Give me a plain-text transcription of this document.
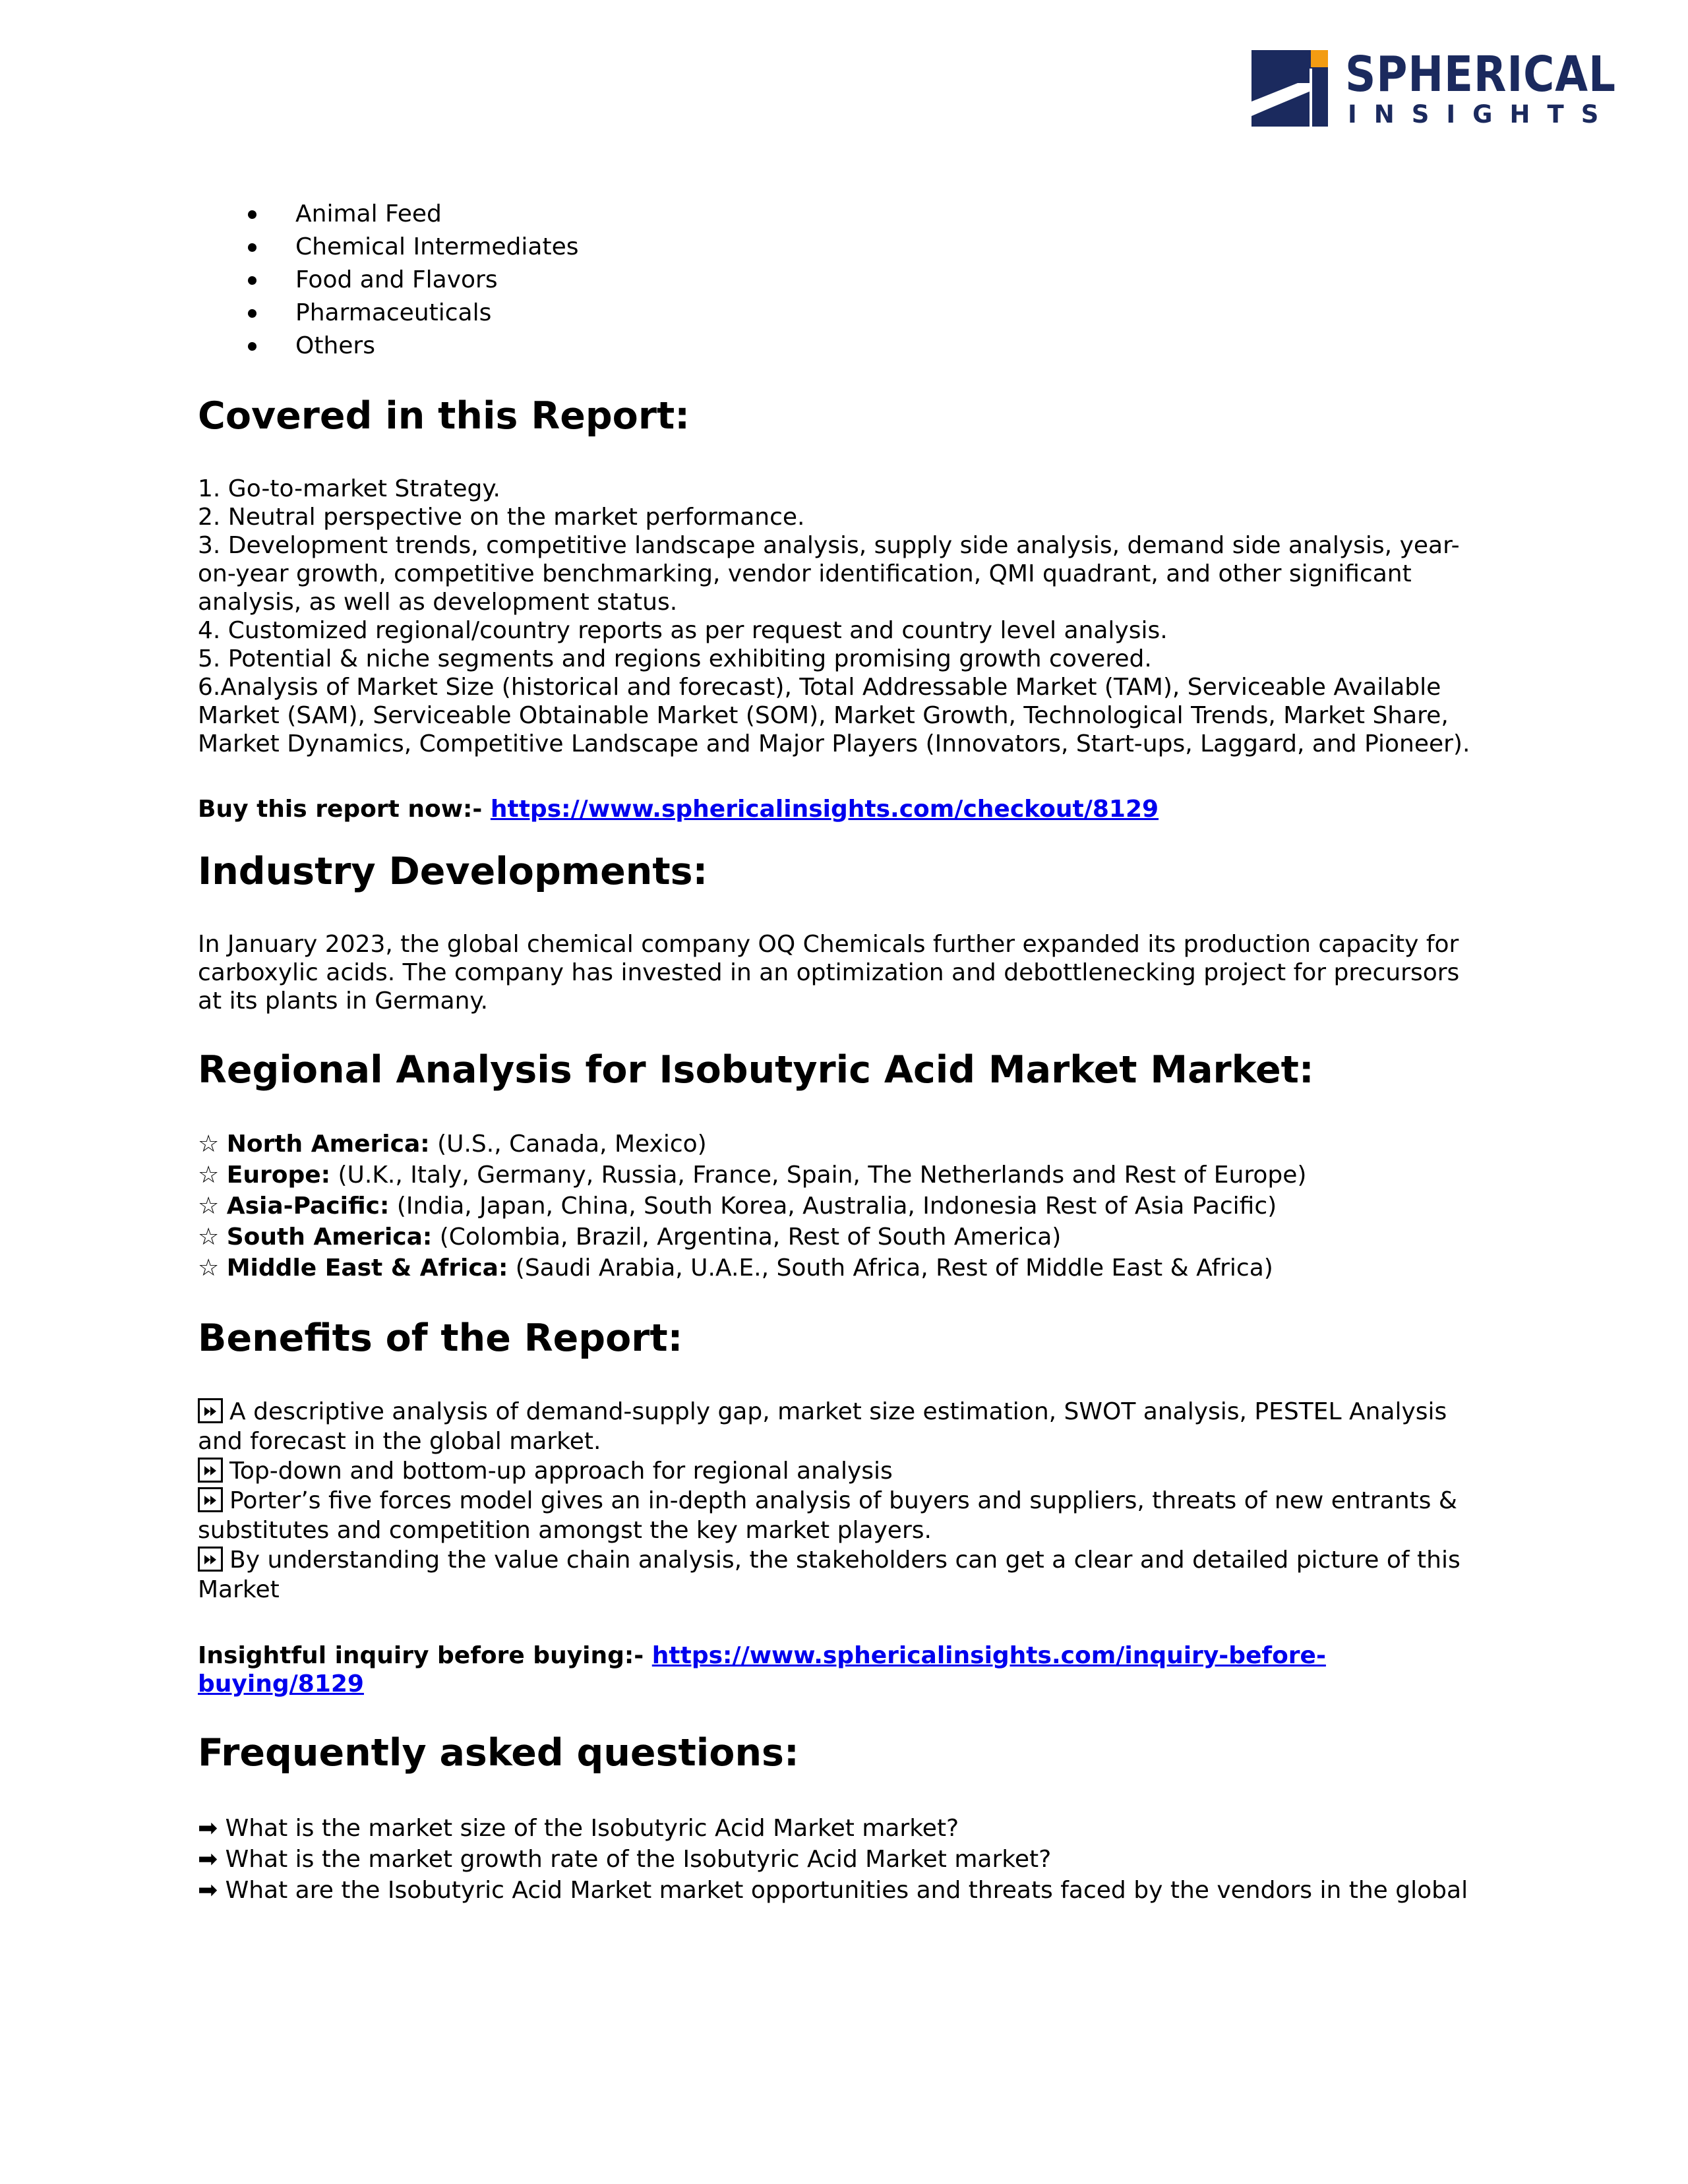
SPHERICAL
INSIGHTS
Animal Feed
Chemical Intermediates
Food and Flavors
Pharmaceuticals
Others
Covered in this Report:
1. Go-to-market Strategy.
2. Neutral perspective on the market performance.
3. Development trends, competitive landscape analysis, supply side analysis, demand side analysis, year-on-year growth, competitive benchmarking, vendor identification, QMI quadrant, and other significant analysis, as well as development status.
4. Customized regional/country reports as per request and country level analysis.
5. Potential & niche segments and regions exhibiting promising growth covered.
6.Analysis of Market Size (historical and forecast), Total Addressable Market (TAM), Serviceable Available Market (SAM), Serviceable Obtainable Market (SOM), Market Growth, Technological Trends, Market Share, Market Dynamics, Competitive Landscape and Major Players (Innovators, Start-ups, Laggard, and Pioneer).
Buy this report now:- https://www.sphericalinsights.com/checkout/8129
Industry Developments:

In January 2023, the global chemical company OQ Chemicals further expanded its production capacity for carboxylic acids. The company has invested in an optimization and debottlenecking project for precursors at its plants in Germany.

Regional Analysis for Isobutyric Acid Market Market:
☆ North America: (U.S., Canada, Mexico)
☆ Europe: (U.K., Italy, Germany, Russia, France, Spain, The Netherlands and Rest of Europe)
☆ Asia-Pacific: (India, Japan, China, South Korea, Australia, Indonesia Rest of Asia Pacific)
☆ South America: (Colombia, Brazil, Argentina, Rest of South America)
☆ Middle East & Africa: (Saudi Arabia, U.A.E., South Africa, Rest of Middle East & Africa)
Benefits of the Report:
A descriptive analysis of demand-supply gap, market size estimation, SWOT analysis, PESTEL Analysis and forecast in the global market.
Top-down and bottom-up approach for regional analysis
Porter’s five forces model gives an in-depth analysis of buyers and suppliers, threats of new entrants & substitutes and competition amongst the key market players.
By understanding the value chain analysis, the stakeholders can get a clear and detailed picture of this Market
Insightful inquiry before buying:- https://www.sphericalinsights.com/inquiry-before-
buying/8129
Frequently asked questions:
➡ What is the market size of the Isobutyric Acid Market market?
➡ What is the market growth rate of the Isobutyric Acid Market market?
➡ What are the Isobutyric Acid Market market opportunities and threats faced by the vendors in the global
